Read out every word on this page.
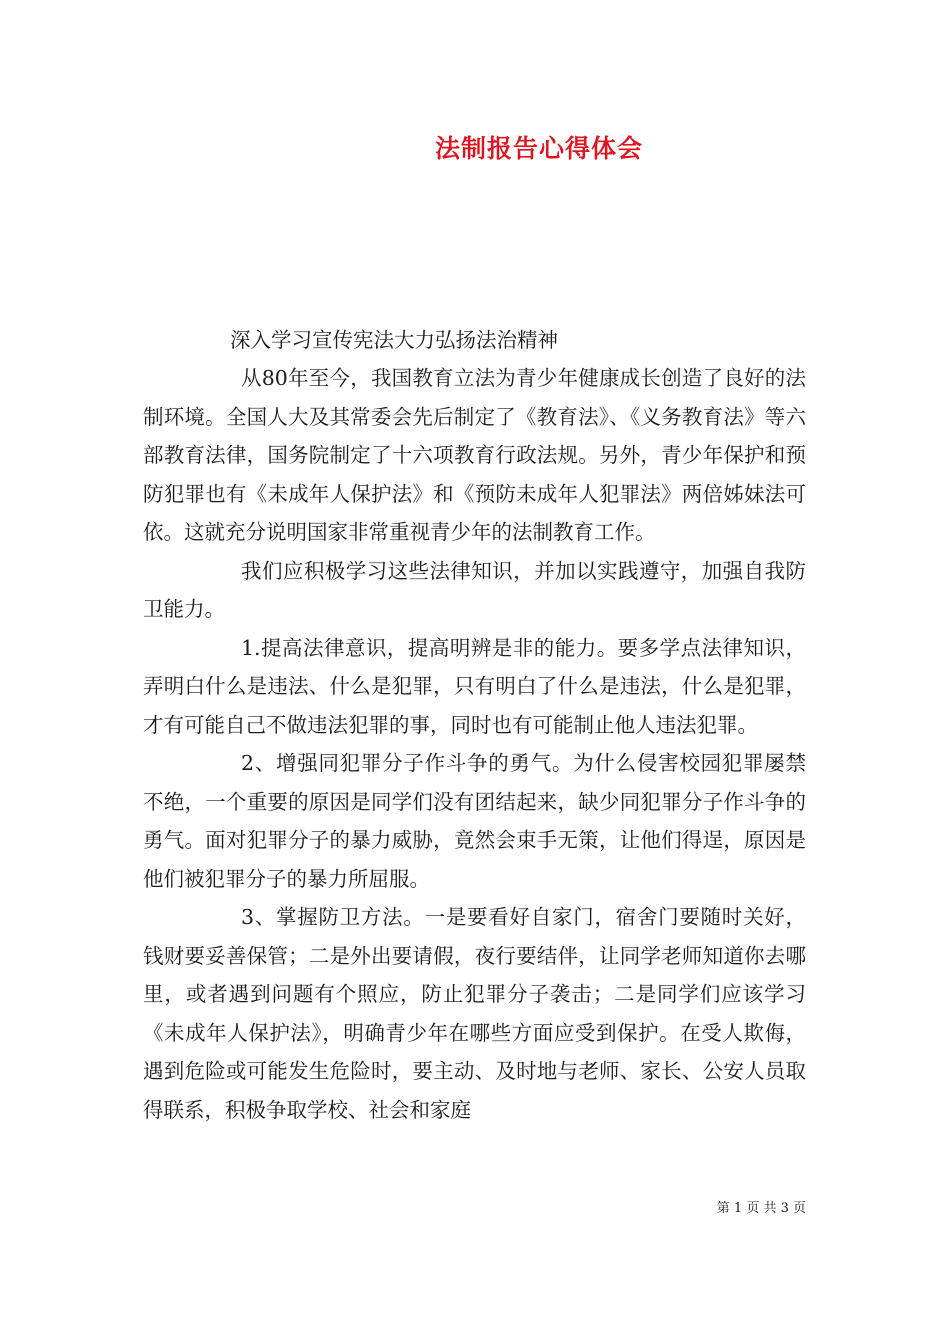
法制报告心得体会

深入学习宣传宪法大力弘扬法治精神

从80年至今，我国教育立法为青少年健康成长创造了良好的法制环境。全国人大及其常委会先后制定了《教育法》、《义务教育法》等六部教育法律，国务院制定了十六项教育行政法规。另外，青少年保护和预防犯罪也有《未成年人保护法》和《预防未成年人犯罪法》两倍姊妹法可依。这就充分说明国家非常重视青少年的法制教育工作。

我们应积极学习这些法律知识，并加以实践遵守，加强自我防卫能力。

1.提高法律意识，提高明辨是非的能力。要多学点法律知识，弄明白什么是违法、什么是犯罪，只有明白了什么是违法，什么是犯罪，才有可能自己不做违法犯罪的事，同时也有可能制止他人违法犯罪。

2、增强同犯罪分子作斗争的勇气。为什么侵害校园犯罪屡禁不绝，一个重要的原因是同学们没有团结起来，缺少同犯罪分子作斗争的勇气。面对犯罪分子的暴力威胁，竟然会束手无策，让他们得逞，原因是他们被犯罪分子的暴力所屈服。

3、掌握防卫方法。一是要看好自家门，宿舍门要随时关好，钱财要妥善保管；二是外出要请假，夜行要结伴，让同学老师知道你去哪里，或者遇到问题有个照应，防止犯罪分子袭击；二是同学们应该学习《未成年人保护法》，明确青少年在哪些方面应受到保护。在受人欺侮，遇到危险或可能发生危险时，要主动、及时地与老师、家长、公安人员取得联系，积极争取学校、社会和家庭

第 1 页 共 3 页
